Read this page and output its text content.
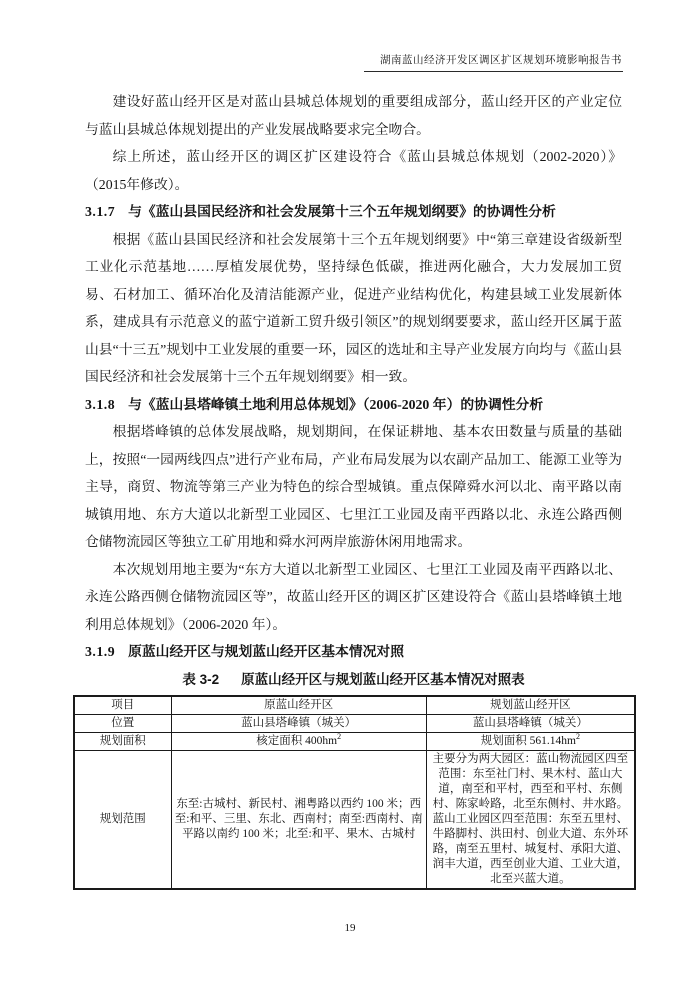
湖南蓝山经济开发区调区扩区规划环境影响报告书

建设好蓝山经开区是对蓝山县城总体规划的重要组成部分，蓝山经开区的产业定位与蓝山县城总体规划提出的产业发展战略要求完全吻合。

综上所述，蓝山经开区的调区扩区建设符合《蓝山县城总体规划（2002-2020）》（2015年修改）。

3.1.7 与《蓝山县国民经济和社会发展第十三个五年规划纲要》的协调性分析

根据《蓝山县国民经济和社会发展第十三个五年规划纲要》中“第三章建设省级新型工业化示范基地……厚植发展优势，坚持绿色低碳，推进两化融合，大力发展加工贸易、石材加工、循环冶化及清洁能源产业，促进产业结构优化，构建县域工业发展新体系，建成具有示范意义的蓝宁道新工贸升级引领区”的规划纲要要求，蓝山经开区属于蓝山县“十三五”规划中工业发展的重要一环，园区的选址和主导产业发展方向均与《蓝山县国民经济和社会发展第十三个五年规划纲要》相一致。

3.1.8 与《蓝山县塔峰镇土地利用总体规划》（2006-2020 年）的协调性分析

根据塔峰镇的总体发展战略，规划期间，在保证耕地、基本农田数量与质量的基础上，按照“一园两线四点”进行产业布局，产业布局发展为以农副产品加工、能源工业等为主导，商贸、物流等第三产业为特色的综合型城镇。重点保障舜水河以北、南平路以南城镇用地、东方大道以北新型工业园区、七里江工业园及南平西路以北、永连公路西侧仓储物流园区等独立工矿用地和舜水河两岸旅游休闲用地需求。

本次规划用地主要为“东方大道以北新型工业园区、七里江工业园及南平西路以北、永连公路西侧仓储物流园区等”，故蓝山经开区的调区扩区建设符合《蓝山县塔峰镇土地利用总体规划》（2006-2020 年）。

3.1.9 原蓝山经开区与规划蓝山经开区基本情况对照

表 3-2 原蓝山经开区与规划蓝山经开区基本情况对照表

项目	原蓝山经开区	规划蓝山经开区
位置	蓝山县塔峰镇（城关）	蓝山县塔峰镇（城关）
规划面积	核定面积 $400hm^2$	规划面积 $561.14hm^2$
规划范围	东至:古城村、新民村、湘粤路以西约 100 米；西至:和平、三里、东北、西南村；南至:西南村、南平路以南约 100 米；北至:和平、果木、古城村	主要分为两大园区：蓝山物流园区四至范围：东至社门村、果木村、蓝山大道，南至和平村，西至和平村、东侧村、陈家岭路，北至东侧村、井水路。蓝山工业园区四至范围：东至五里村、牛路脚村、洪田村、创业大道、东外环路，南至五里村、城复村、承阳大道、润丰大道，西至创业大道、工业大道，北至兴蓝大道。
19
